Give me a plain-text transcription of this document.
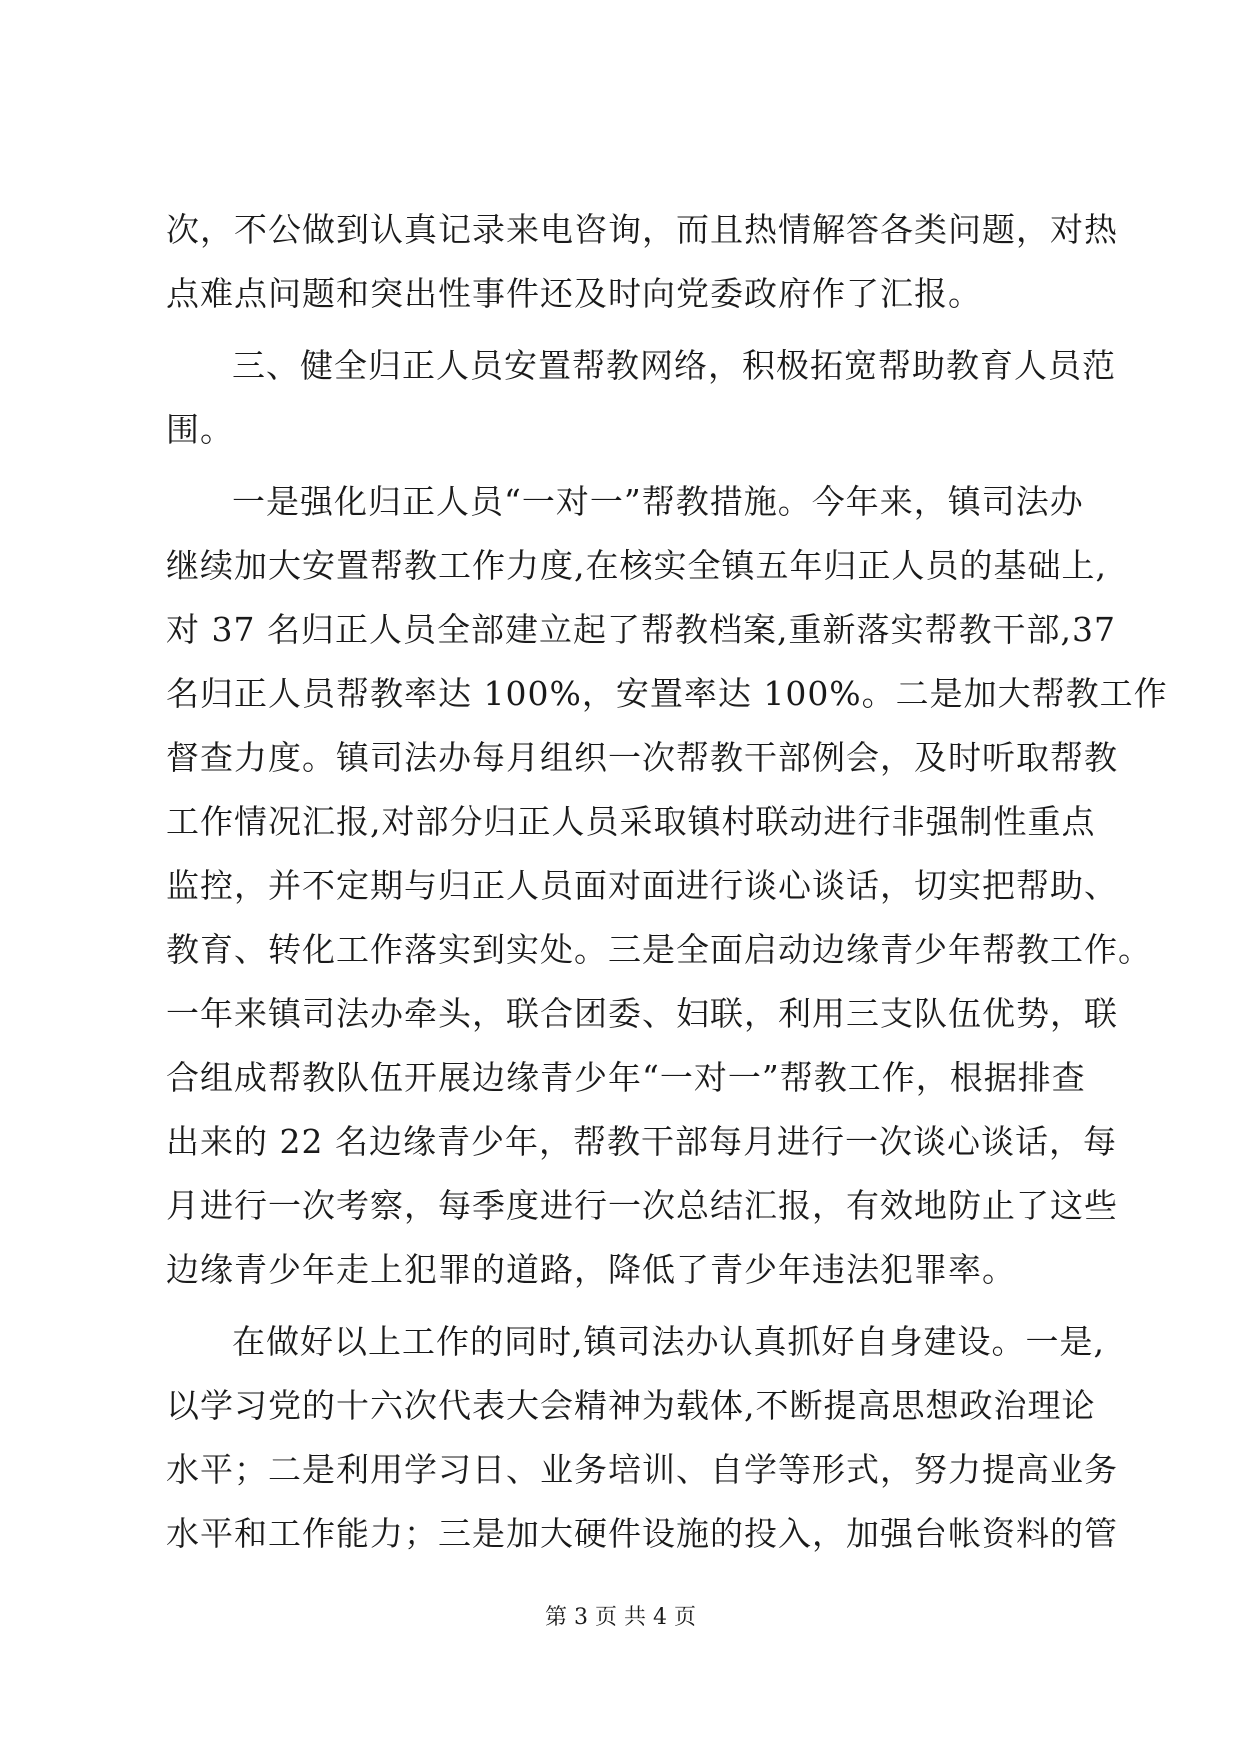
次，不公做到认真记录来电咨询，而且热情解答各类问题，对热
点难点问题和突出性事件还及时向党委政府作了汇报。
三、健全归正人员安置帮教网络，积极拓宽帮助教育人员范
围。
一是强化归正人员“一对一”帮教措施。今年来，镇司法办
继续加大安置帮教工作力度,在核实全镇五年归正人员的基础上,
对 37 名归正人员全部建立起了帮教档案,重新落实帮教干部,37
名归正人员帮教率达 100%，安置率达 100%。二是加大帮教工作
督查力度。镇司法办每月组织一次帮教干部例会，及时听取帮教
工作情况汇报,对部分归正人员采取镇村联动进行非强制性重点
监控，并不定期与归正人员面对面进行谈心谈话，切实把帮助、
教育、转化工作落实到实处。三是全面启动边缘青少年帮教工作。
一年来镇司法办牵头，联合团委、妇联，利用三支队伍优势，联
合组成帮教队伍开展边缘青少年“一对一”帮教工作，根据排查
出来的 22 名边缘青少年，帮教干部每月进行一次谈心谈话，每
月进行一次考察，每季度进行一次总结汇报，有效地防止了这些
边缘青少年走上犯罪的道路，降低了青少年违法犯罪率。
在做好以上工作的同时,镇司法办认真抓好自身建设。一是,
以学习党的十六次代表大会精神为载体,不断提高思想政治理论
水平；二是利用学习日、业务培训、自学等形式，努力提高业务
水平和工作能力；三是加大硬件设施的投入，加强台帐资料的管
第 3 页 共 4 页
